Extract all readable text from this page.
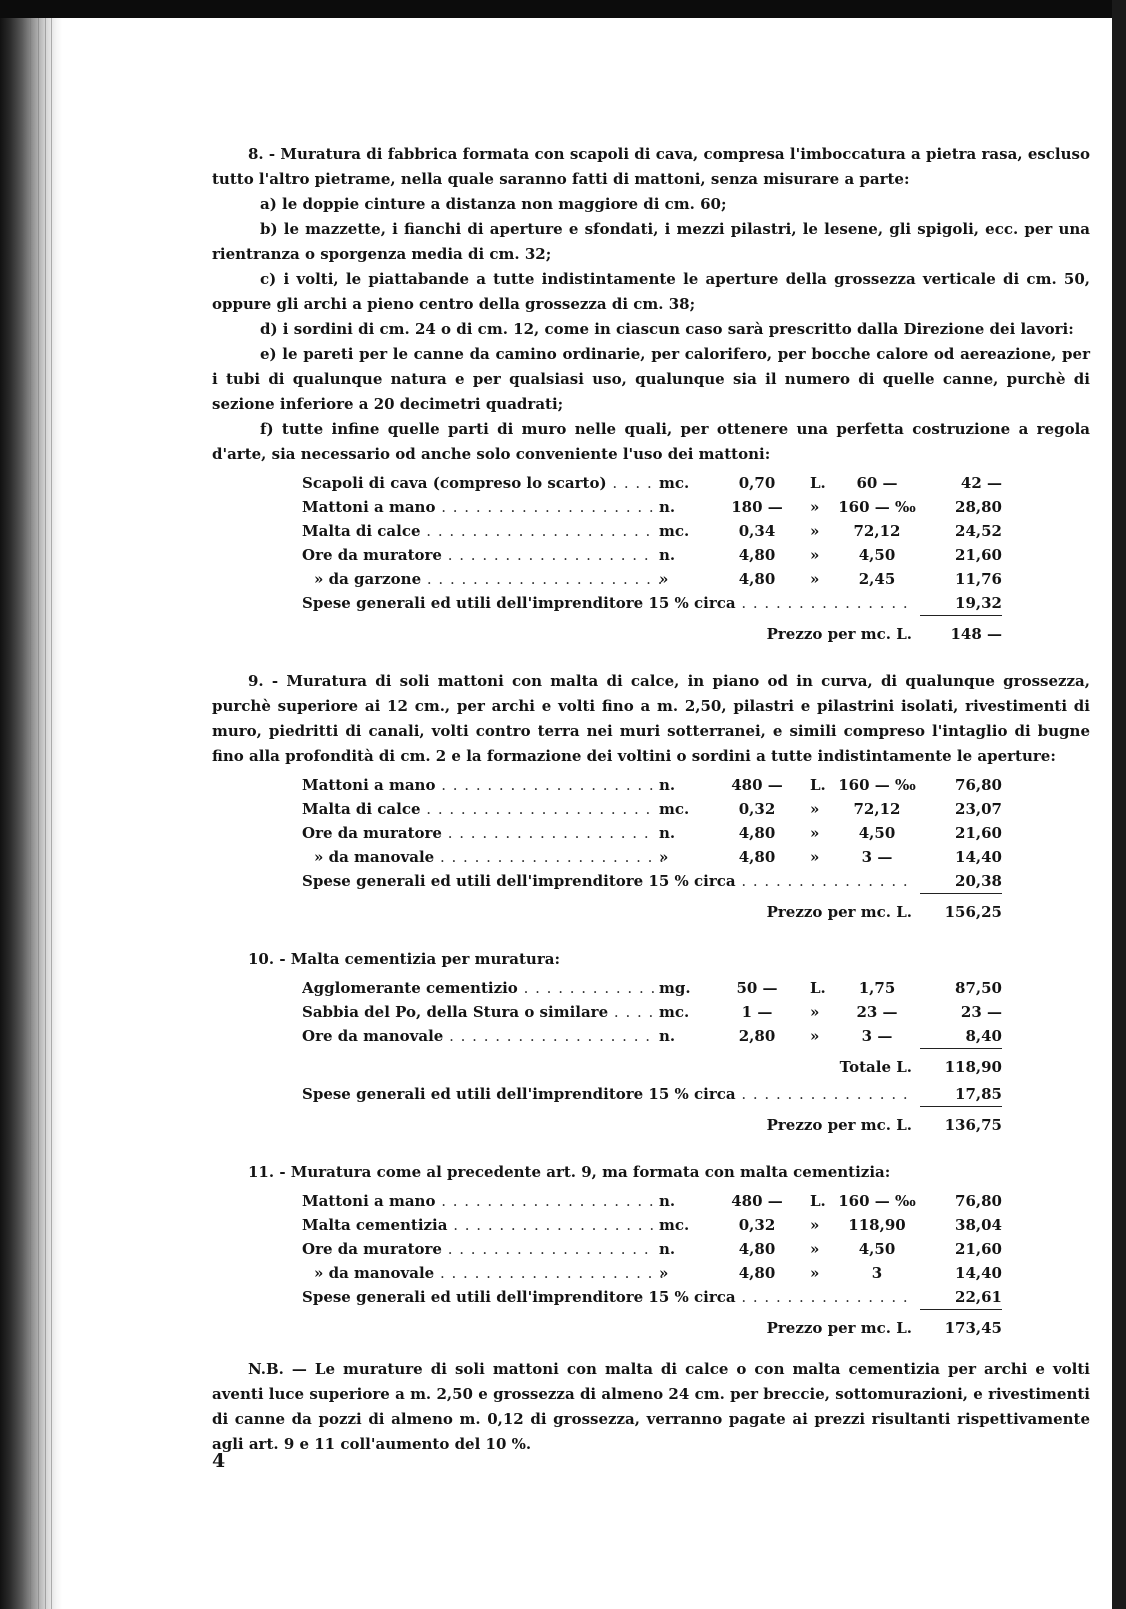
8. - Muratura di fabbrica formata con scapoli di cava, compresa l'imboccatura a pietra rasa, escluso tutto l'altro pietrame, nella quale saranno fatti di mattoni, senza misurare a parte:

a) le doppie cinture a distanza non maggiore di cm. 60;

b) le mazzette, i fianchi di aperture e sfondati, i mezzi pilastri, le lesene, gli spigoli, ecc. per una rientranza o sporgenza media di cm. 32;

c) i volti, le piattabande a tutte indistintamente le aperture della grossezza verticale di cm. 50, oppure gli archi a pieno centro della grossezza di cm. 38;

d) i sordini di cm. 24 o di cm. 12, come in ciascun caso sarà prescritto dalla Direzione dei lavori:

e) le pareti per le canne da camino ordinarie, per calorifero, per bocche calore od aereazione, per i tubi di qualunque natura e per qualsiasi uso, qualunque sia il numero di quelle canne, purchè di sezione inferiore a 20 decimetri quadrati;

f) tutte infine quelle parti di muro nelle quali, per ottenere una perfetta costruzione a regola d'arte, sia necessario od anche solo conveniente l'uso dei mattoni:

Scapoli di cava (compreso lo scarto) . . .	mc.	0,70	L.	60 —	42 —
Mattoni a mano . . .	n.	180 —	»	160 — ‰	28,80
Malta di calce . . .	mc.	0,34	»	72,12	24,52
Ore da muratore . . .	n.	4,80	»	4,50	21,60
» da garzone . . .	»	4,80	»	2,45	11,76
Spese generali ed utili dell'imprenditore 15 % circa . . .	19,32
Prezzo per mc. L.	148 —

9. - Muratura di soli mattoni con malta di calce, in piano od in curva, di qualunque grossezza, purchè superiore ai 12 cm., per archi e volti fino a m. 2,50, pilastri e pilastrini isolati, rivestimenti di muro, piedritti di canali, volti contro terra nei muri sotterranei, e simili compreso l'intaglio di bugne fino alla profondità di cm. 2 e la formazione dei voltini o sordini a tutte indistintamente le aperture:

Mattoni a mano . . .	n.	480 —	L. 160 — ‰	76,80
Malta di calce . . .	mc.	0,32	»	72,12	23,07
Ore da muratore . . .	n.	4,80	»	4,50	21,60
» da manovale . . .	»	4,80	»	3 —	14,40
Spese generali ed utili dell'imprenditore 15 % circa . . .	20,38
Prezzo per mc. L.	156,25

10. - Malta cementizia per muratura:

Agglomerante cementizio . . .	mg.	50 —	L.	1,75	87,50
Sabbia del Po, della Stura o similare . . .	mc.	1 —	»	23 —	23 —
Ore da manovale . . .	n.	2,80	»	3 —	8,40
Totale L.	118,90
Spese generali ed utili dell'imprenditore 15 % circa . . .	17,85
Prezzo per mc. L.	136,75

11. - Muratura come al precedente art. 9, ma formata con malta cementizia:

Mattoni a mano . . .	n.	480 —	L. 160 — ‰	76,80
Malta cementizia . . .	mc.	0,32	»	118,90	38,04
Ore da muratore . . .	n.	4,80	»	4,50	21,60
» da manovale . . .	»	4,80	»	3	14,40
Spese generali ed utili dell'imprenditore 15 % circa . . .	22,61
Prezzo per mc. L.	173,45

N.B. — Le murature di soli mattoni con malta di calce o con malta cementizia per archi e volti aventi luce superiore a m. 2,50 e grossezza di almeno 24 cm. per breccie, sottomurazioni, e rivestimenti di canne da pozzi di almeno m. 0,12 di grossezza, verranno pagate ai prezzi risultanti rispettivamente agli art. 9 e 11 coll'aumento del 10 %.

4
